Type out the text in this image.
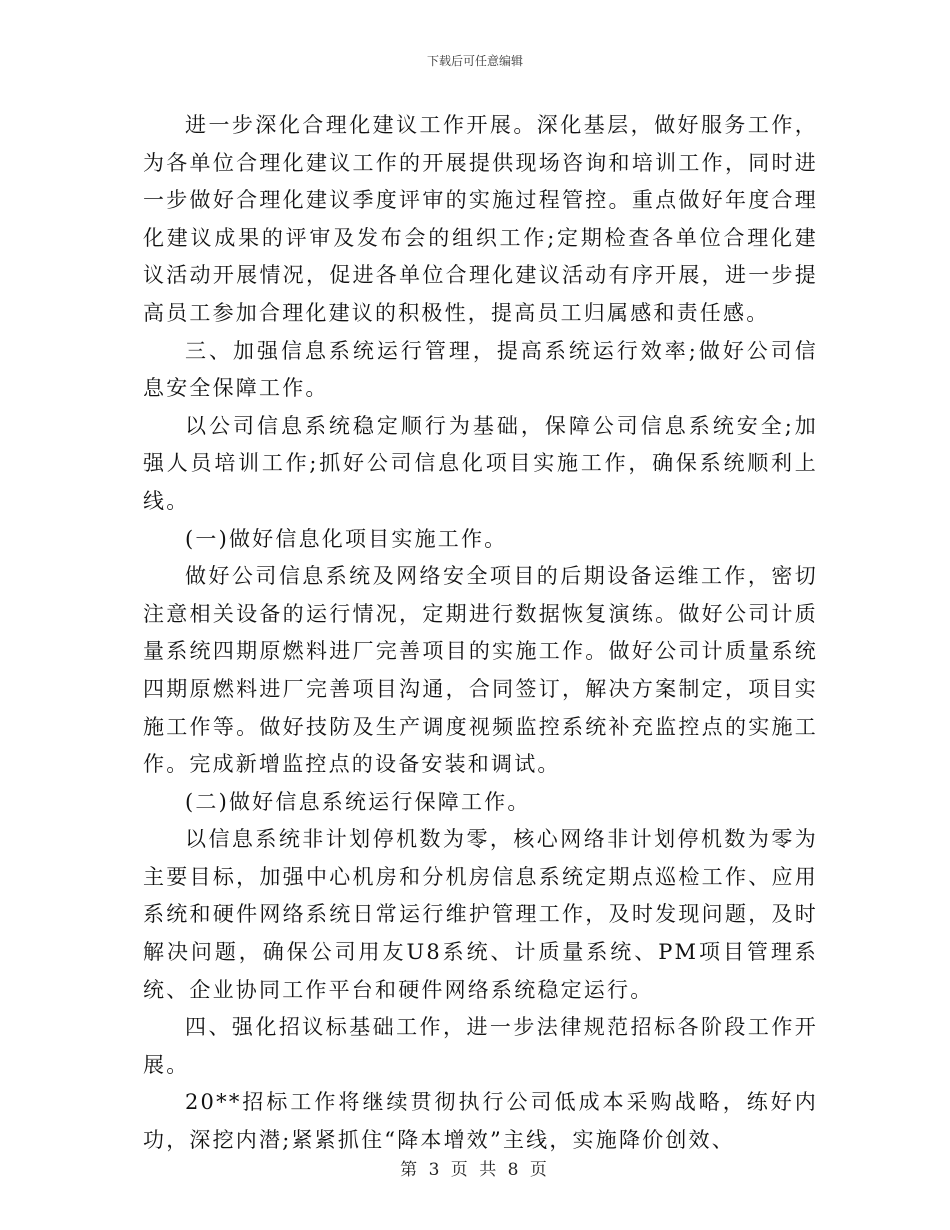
下载后可任意编辑

进一步深化合理化建议工作开展。深化基层，做好服务工作，为各单位合理化建议工作的开展提供现场咨询和培训工作，同时进一步做好合理化建议季度评审的实施过程管控。重点做好年度合理化建议成果的评审及发布会的组织工作;定期检查各单位合理化建议活动开展情况，促进各单位合理化建议活动有序开展，进一步提高员工参加合理化建议的积极性，提高员工归属感和责任感。

三、加强信息系统运行管理，提高系统运行效率;做好公司信息安全保障工作。

以公司信息系统稳定顺行为基础，保障公司信息系统安全;加强人员培训工作;抓好公司信息化项目实施工作，确保系统顺利上线。

(一)做好信息化项目实施工作。

做好公司信息系统及网络安全项目的后期设备运维工作，密切注意相关设备的运行情况，定期进行数据恢复演练。做好公司计质量系统四期原燃料进厂完善项目的实施工作。做好公司计质量系统四期原燃料进厂完善项目沟通，合同签订，解决方案制定，项目实施工作等。做好技防及生产调度视频监控系统补充监控点的实施工作。完成新增监控点的设备安装和调试。

(二)做好信息系统运行保障工作。

以信息系统非计划停机数为零，核心网络非计划停机数为零为主要目标，加强中心机房和分机房信息系统定期点巡检工作、应用系统和硬件网络系统日常运行维护管理工作，及时发现问题，及时解决问题，确保公司用友U8系统、计质量系统、PM项目管理系统、企业协同工作平台和硬件网络系统稳定运行。

四、强化招议标基础工作，进一步法律规范招标各阶段工作开展。

20**招标工作将继续贯彻执行公司低成本采购战略，练好内功，深挖内潜;紧紧抓住“降本增效”主线，实施降价创效、

第 3 页 共 8 页
